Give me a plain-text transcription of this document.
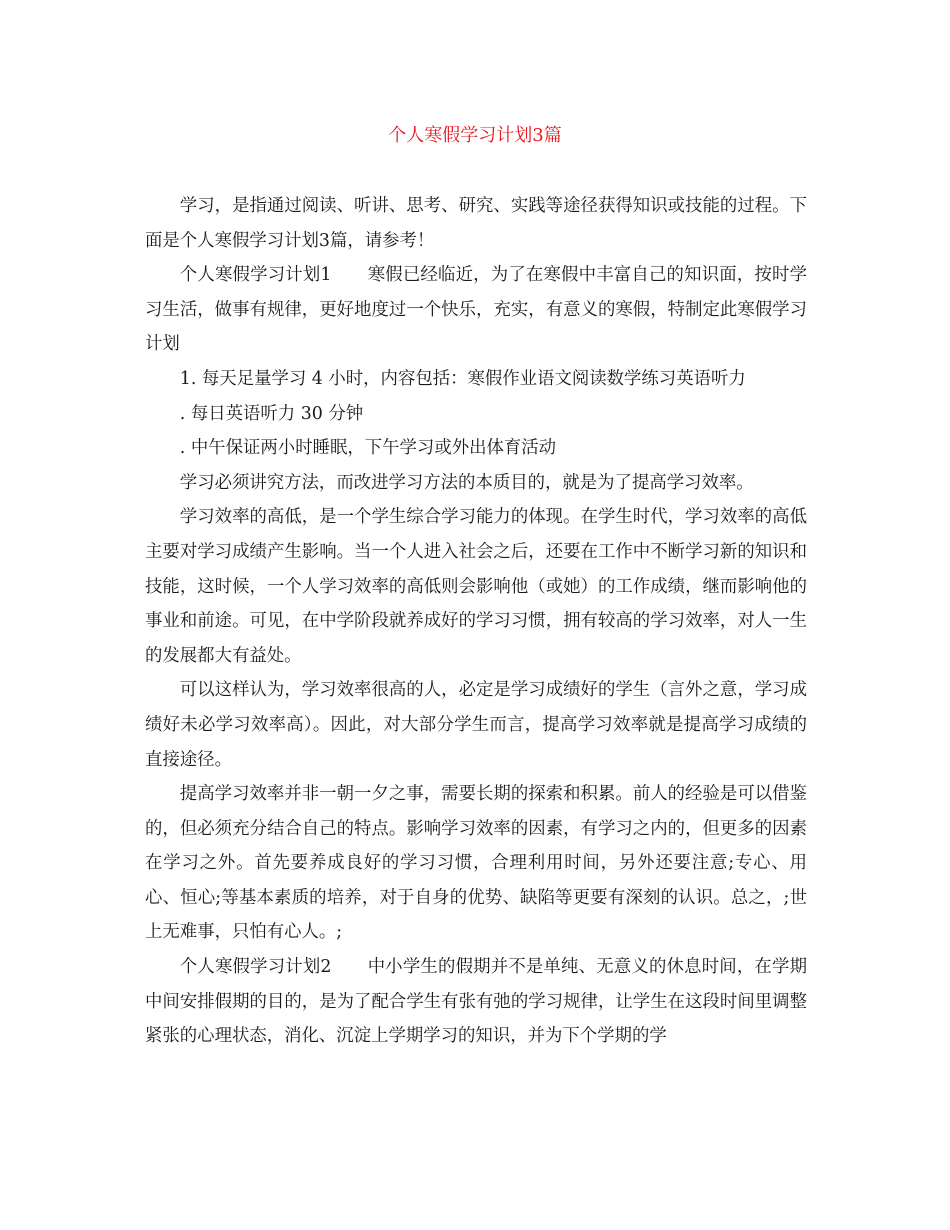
个人寒假学习计划3篇

学习，是指通过阅读、听讲、思考、研究、实践等途径获得知识或技能的过程。下面是个人寒假学习计划3篇，请参考！

个人寒假学习计划1 寒假已经临近，为了在寒假中丰富自己的知识面，按时学习生活，做事有规律，更好地度过一个快乐，充实，有意义的寒假，特制定此寒假学习计划

1. 每天足量学习 4 小时，内容包括：寒假作业语文阅读数学练习英语听力

. 每日英语听力 30 分钟

. 中午保证两小时睡眠，下午学习或外出体育活动

学习必须讲究方法，而改进学习方法的本质目的，就是为了提高学习效率。

学习效率的高低，是一个学生综合学习能力的体现。在学生时代，学习效率的高低主要对学习成绩产生影响。当一个人进入社会之后，还要在工作中不断学习新的知识和技能，这时候，一个人学习效率的高低则会影响他（或她）的工作成绩，继而影响他的事业和前途。可见，在中学阶段就养成好的学习习惯，拥有较高的学习效率，对人一生的发展都大有益处。

可以这样认为，学习效率很高的人，必定是学习成绩好的学生（言外之意，学习成绩好未必学习效率高）。因此，对大部分学生而言，提高学习效率就是提高学习成绩的直接途径。

提高学习效率并非一朝一夕之事，需要长期的探索和积累。前人的经验是可以借鉴的，但必须充分结合自己的特点。影响学习效率的因素，有学习之内的，但更多的因素在学习之外。首先要养成良好的学习习惯，合理利用时间，另外还要注意;专心、用心、恒心;等基本素质的培养，对于自身的优势、缺陷等更要有深刻的认识。总之，;世上无难事，只怕有心人。;

个人寒假学习计划2 中小学生的假期并不是单纯、无意义的休息时间，在学期中间安排假期的目的，是为了配合学生有张有弛的学习规律，让学生在这段时间里调整紧张的心理状态，消化、沉淀上学期学习的知识，并为下个学期的学
